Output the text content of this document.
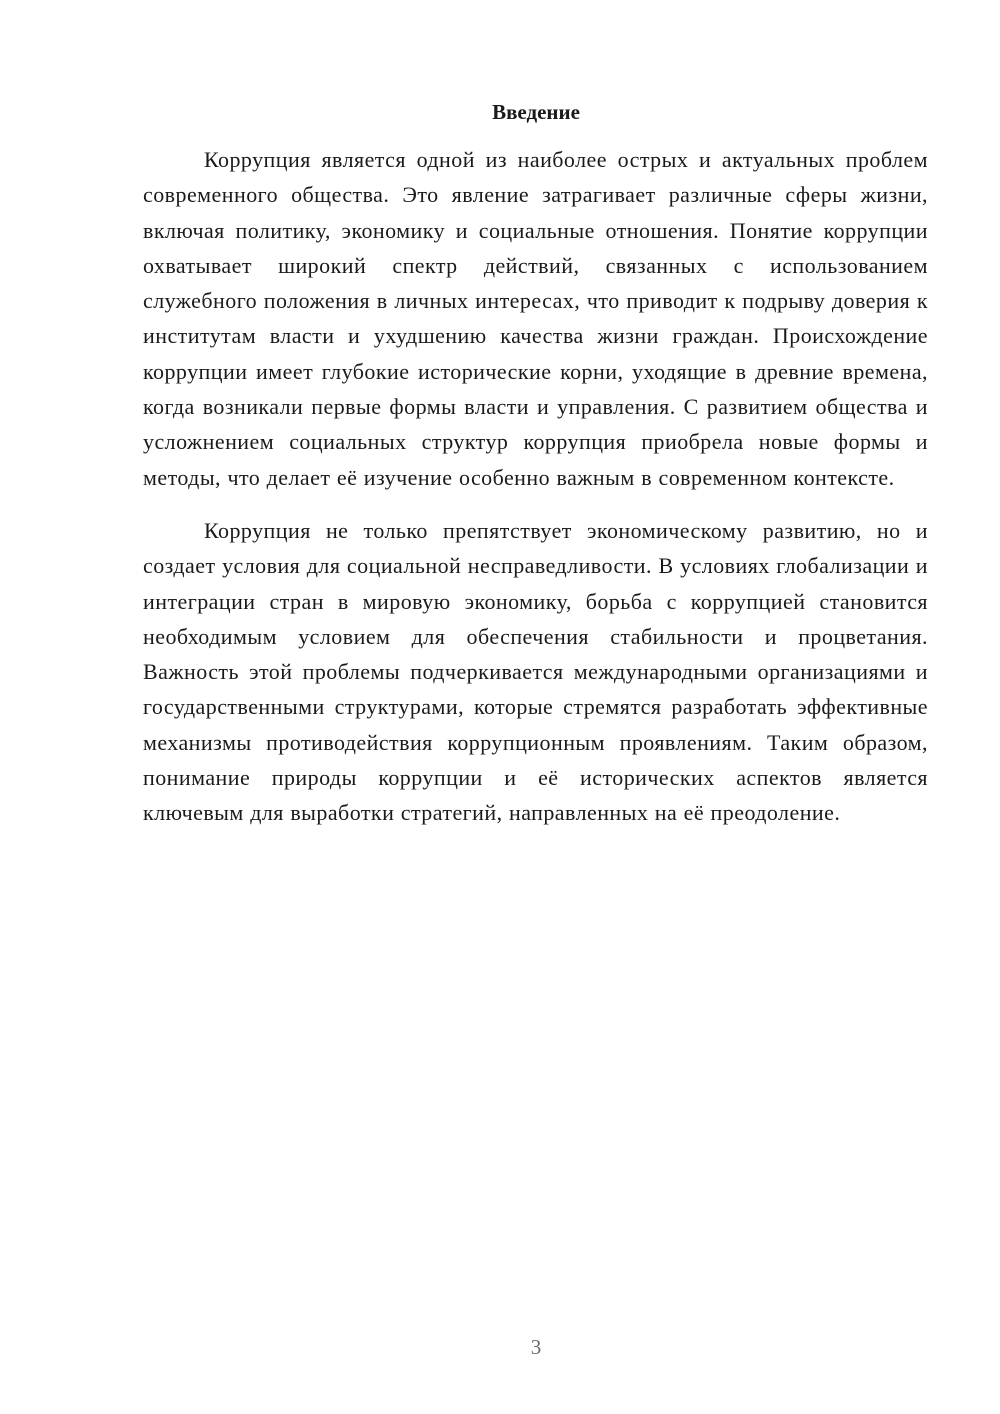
Введение

Коррупция является одной из наиболее острых и актуальных проблем современного общества. Это явление затрагивает различные сферы жизни, включая политику, экономику и социальные отношения. Понятие коррупции охватывает широкий спектр действий, связанных с использованием служебного положения в личных интересах, что приводит к подрыву доверия к институтам власти и ухудшению качества жизни граждан. Происхождение коррупции имеет глубокие исторические корни, уходящие в древние времена, когда возникали первые формы власти и управления. С развитием общества и усложнением социальных структур коррупция приобрела новые формы и методы, что делает её изучение особенно важным в современном контексте.

Коррупция не только препятствует экономическому развитию, но и создает условия для социальной несправедливости. В условиях глобализации и интеграции стран в мировую экономику, борьба с коррупцией становится необходимым условием для обеспечения стабильности и процветания. Важность этой проблемы подчеркивается международными организациями и государственными структурами, которые стремятся разработать эффективные механизмы противодействия коррупционным проявлениям. Таким образом, понимание природы коррупции и её исторических аспектов является ключевым для выработки стратегий, направленных на её преодоление.

3
